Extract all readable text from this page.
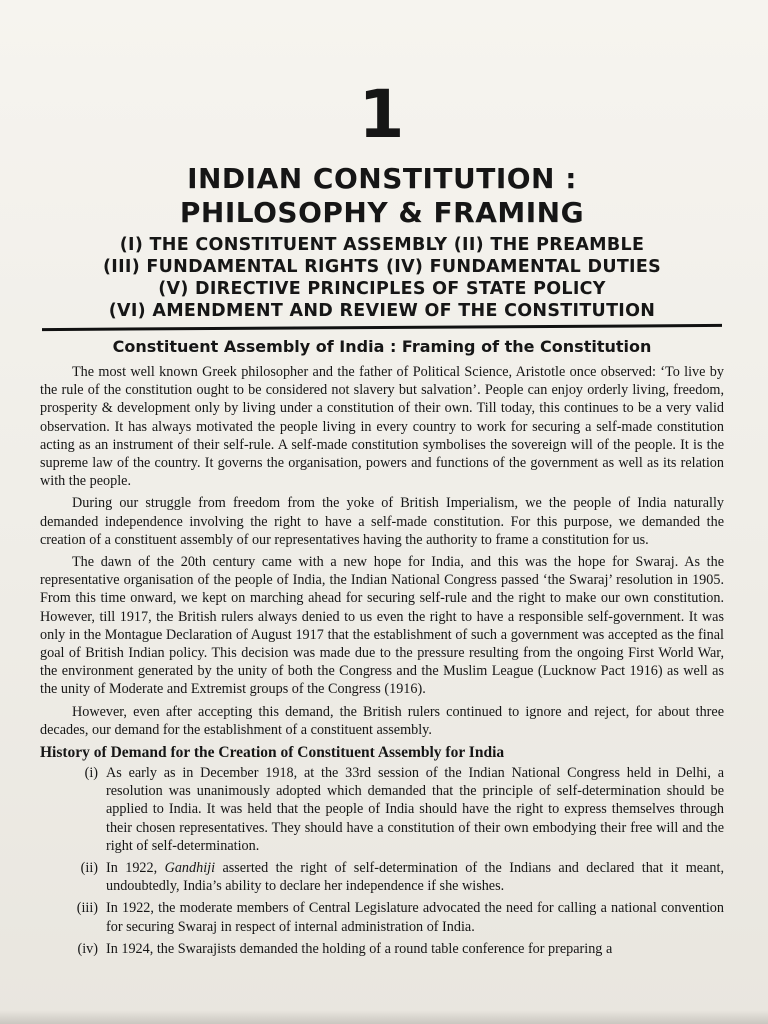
1
INDIAN CONSTITUTION :
PHILOSOPHY & FRAMING
(I) THE CONSTITUENT ASSEMBLY (II) THE PREAMBLE
(III) FUNDAMENTAL RIGHTS (IV) FUNDAMENTAL DUTIES
(V) DIRECTIVE PRINCIPLES OF STATE POLICY
(VI) AMENDMENT AND REVIEW OF THE CONSTITUTION
Constituent Assembly of India : Framing of the Constitution

The most well known Greek philosopher and the father of Political Science, Aristotle once observed: ‘To live by the rule of the constitution ought to be considered not slavery but salvation’. People can enjoy orderly living, freedom, prosperity & development only by living under a constitution of their own. Till today, this continues to be a very valid observation. It has always motivated the people living in every country to work for securing a self-made constitution acting as an instrument of their self-rule. A self-made constitution symbolises the sovereign will of the people. It is the supreme law of the country. It governs the organisation, powers and functions of the government as well as its relation with the people.

During our struggle from freedom from the yoke of British Imperialism, we the people of India naturally demanded independence involving the right to have a self-made constitution. For this purpose, we demanded the creation of a constituent assembly of our representatives having the authority to frame a constitution for us.

The dawn of the 20th century came with a new hope for India, and this was the hope for Swaraj. As the representative organisation of the people of India, the Indian National Congress passed ‘the Swaraj’ resolution in 1905. From this time onward, we kept on marching ahead for securing self-rule and the right to make our own constitution. However, till 1917, the British rulers always denied to us even the right to have a responsible self-government. It was only in the Montague Declaration of August 1917 that the establishment of such a government was accepted as the final goal of British Indian policy. This decision was made due to the pressure resulting from the ongoing First World War, the environment generated by the unity of both the Congress and the Muslim League (Lucknow Pact 1916) as well as the unity of Moderate and Extremist groups of the Congress (1916).

However, even after accepting this demand, the British rulers continued to ignore and reject, for about three decades, our demand for the establishment of a constituent assembly.

History of Demand for the Creation of Constituent Assembly for India
(i) As early as in December 1918, at the 33rd session of the Indian National Congress held in Delhi, a resolution was unanimously adopted which demanded that the principle of self-determination should be applied to India. It was held that the people of India should have the right to express themselves through their chosen representatives. They should have a constitution of their own embodying their free will and the right of self-determination.
(ii) In 1922, Gandhiji asserted the right of self-determination of the Indians and declared that it meant, undoubtedly, India’s ability to declare her independence if she wishes.
(iii) In 1922, the moderate members of Central Legislature advocated the need for calling a national convention for securing Swaraj in respect of internal administration of India.
(iv) In 1924, the Swarajists demanded the holding of a round table conference for preparing a
